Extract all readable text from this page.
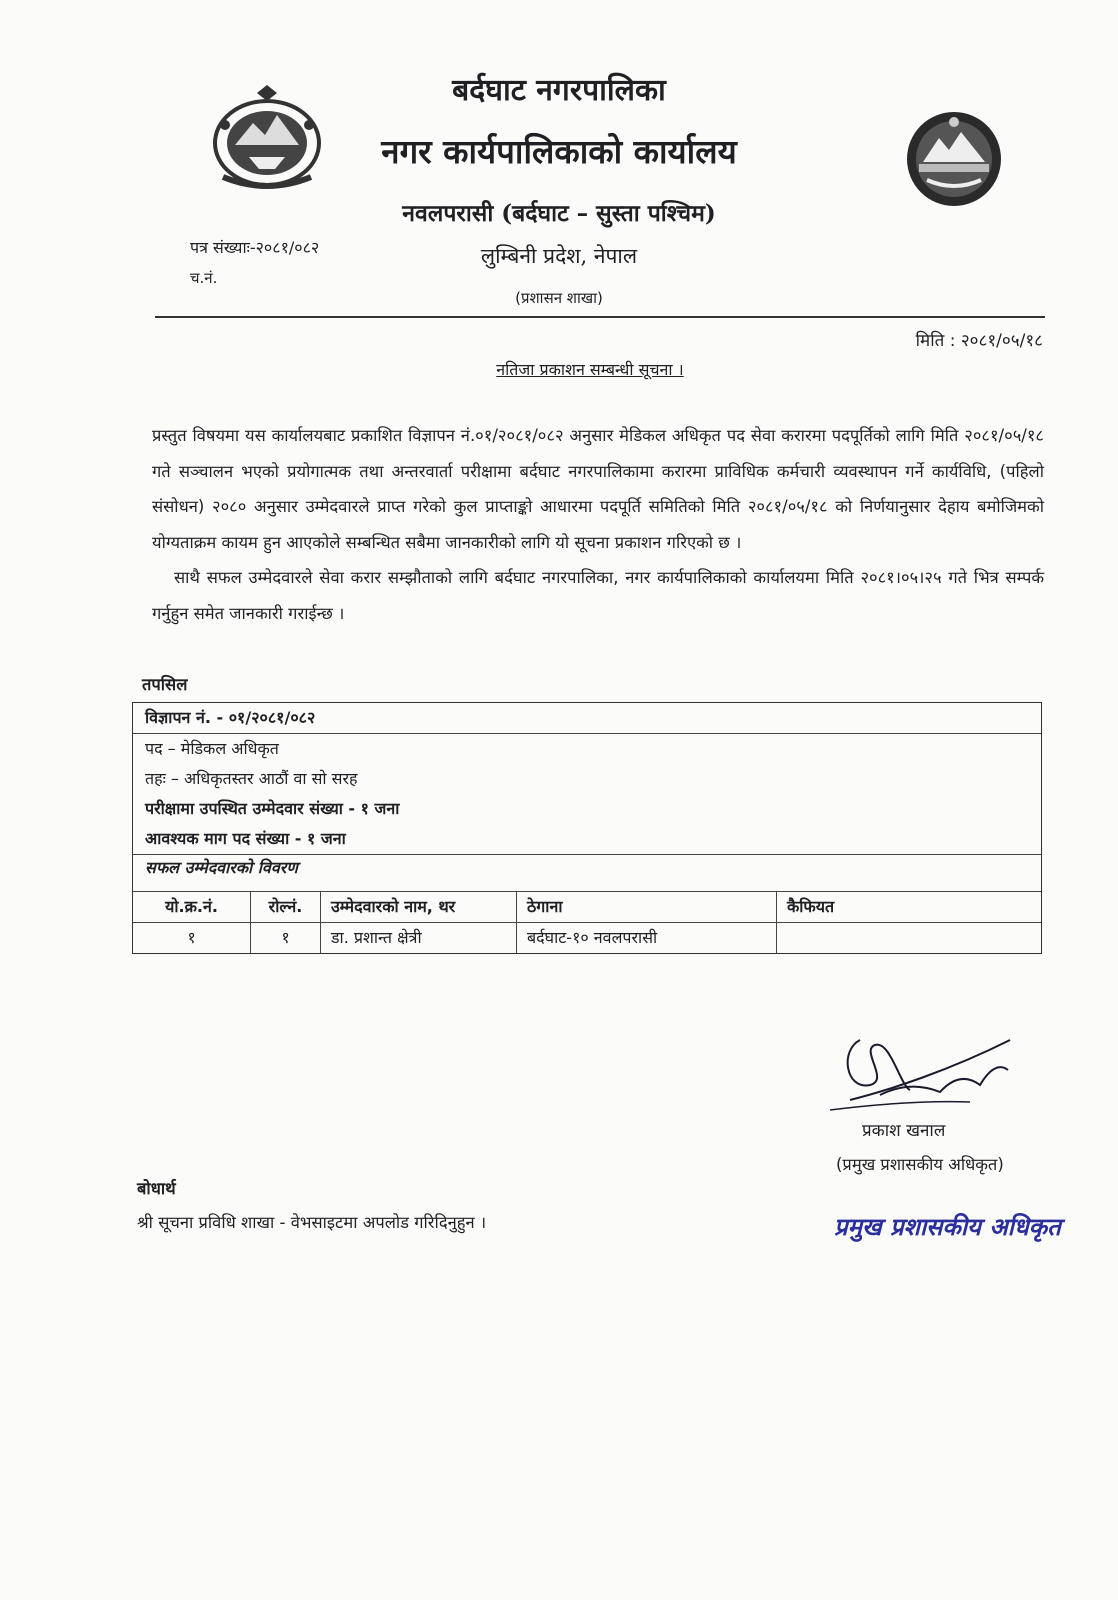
बर्दघाट नगरपालिका
नगर कार्यपालिकाको कार्यालय
नवलपरासी (बर्दघाट – सुस्ता पश्चिम)
लुम्बिनी प्रदेश, नेपाल
(प्रशासन शाखा)
पत्र संख्याः-२०८१/०८२
च.नं.
मिति : २०८१/०५/१८
नतिजा प्रकाशन सम्बन्धी सूचना ।

प्रस्तुत विषयमा यस कार्यालयबाट प्रकाशित विज्ञापन नं.०१/२०८१/०८२ अनुसार मेडिकल अधिकृत पद सेवा करारमा पदपूर्तिको लागि मिति २०८१/०५/१८ गते सञ्चालन भएको प्रयोगात्मक तथा अन्तरवार्ता परीक्षामा बर्दघाट नगरपालिकामा करारमा प्राविधिक कर्मचारी व्यवस्थापन गर्ने कार्यविधि, (पहिलो संसोधन) २०८० अनुसार उम्मेदवारले प्राप्त गरेको कुल प्राप्ताङ्को आधारमा पदपूर्ति समितिको मिति २०८१/०५/१८ को निर्णयानुसार देहाय बमोजिमको योग्यताक्रम कायम हुन आएकोले सम्बन्धित सबैमा जानकारीको लागि यो सूचना प्रकाशन गरिएको छ ।

साथै सफल उम्मेदवारले सेवा करार सम्झौताको लागि बर्दघाट नगरपालिका, नगर कार्यपालिकाको कार्यालयमा मिति २०८१।०५।२५ गते भित्र सम्पर्क गर्नुहुन समेत जानकारी गराईन्छ ।

तपसिल
विज्ञापन नं. - ०१/२०८१/०८२
पद – मेडिकल अधिकृत
तहः – अधिकृतस्तर आठौं वा सो सरह
परीक्षामा उपस्थित उम्मेदवार संख्या - १ जना
आवश्यक माग पद संख्या - १ जना
सफल उम्मेदवारको विवरण
यो.क्र.नं.	रोल्नं.	उम्मेदवारको नाम, थर	ठेगाना	कैफियत
१	१	डा. प्रशान्त क्षेत्री	बर्दघाट-१० नवलपरासी
प्रकाश खनाल
(प्रमुख प्रशासकीय अधिकृत)
प्रमुख प्रशासकीय अधिकृत
बोधार्थ
श्री सूचना प्रविधि शाखा - वेभसाइटमा अपलोड गरिदिनुहुन ।
